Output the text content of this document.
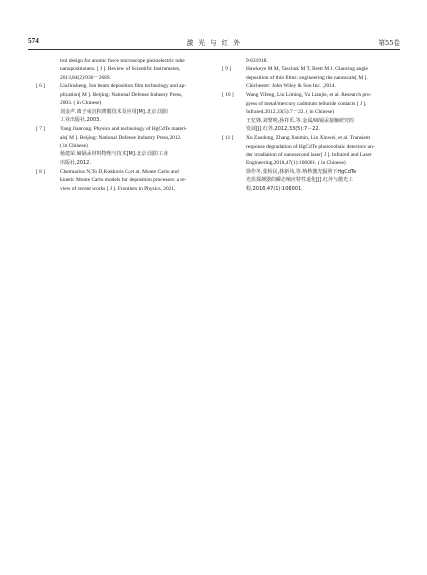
574	激 光 与 红 外	第55卷
trol design for atomic force microscope piezoelectric tube
nanopositioners. [ J ]. Review of Scientific Instruments,
2013,84(2):930－2689.
[ 6 ]	LiuJinsheng. Ion beam deposition film technology and ap-
plication[ M ]. Beijing: National Defense Industry Press,
2003. ( in Chinese)
刘金声.离子束沉积薄膜技术及应用[M].北京:国防
工业出版社,2003.
[ 7 ]	Yang Jianrong. Physics and technology of HgCdTe materi-
als[ M ]. Beijing: National Defense Industry Press,2012.
( in Chinese)
杨建荣.碲镉汞材料物理与技术[M].北京:国防工业
出版社,2012.
[ 8 ]	Cheimarios N,To D,Kokkoris G,et al. Monte Carlo and
kinetic Monte Carlo models for deposition processes: a re-
view of recent works [ J ]. Frontiers in Physics, 2021,
9:631918.
[ 9 ]	Hawkeye M M, Taschuk M T, Brett M J. Glancing angle
deposition of thin films: engineering the nanoscale[ M ].
Chichester: John Wiley & Son Inc. ,2014.
[ 10 ] Wang Yifeng, Liu Liming, Yu Lianjie, et al. Research pro-
gress of metal/mercury cadmium telluride contacts [ J ].
Infrared,2012,33(5):7－22. ( in Chinese)
王忆锋,刘黎明,孙祥乐,等.金属/碲镉汞接触研究的
发展[J].红外,2012,33(5):7－22.
[ 11 ] Xu Zaodong, Zhang Jianmin, Lin Xinwei, et al. Transient
response degradation of HgCdTe photovoltaic detectors un-
der irradiation of nanosecond laser[ J ]. Infrared and Laser
Engineering,2018,47(1):106001. ( in Chinese)
徐作冬,张检民,林新伟,等.纳秒激光辐照下HgCdTe
光伏探测器的瞬态响应特性退化[J].红外与激光工
程,2018,47(1):106001.
